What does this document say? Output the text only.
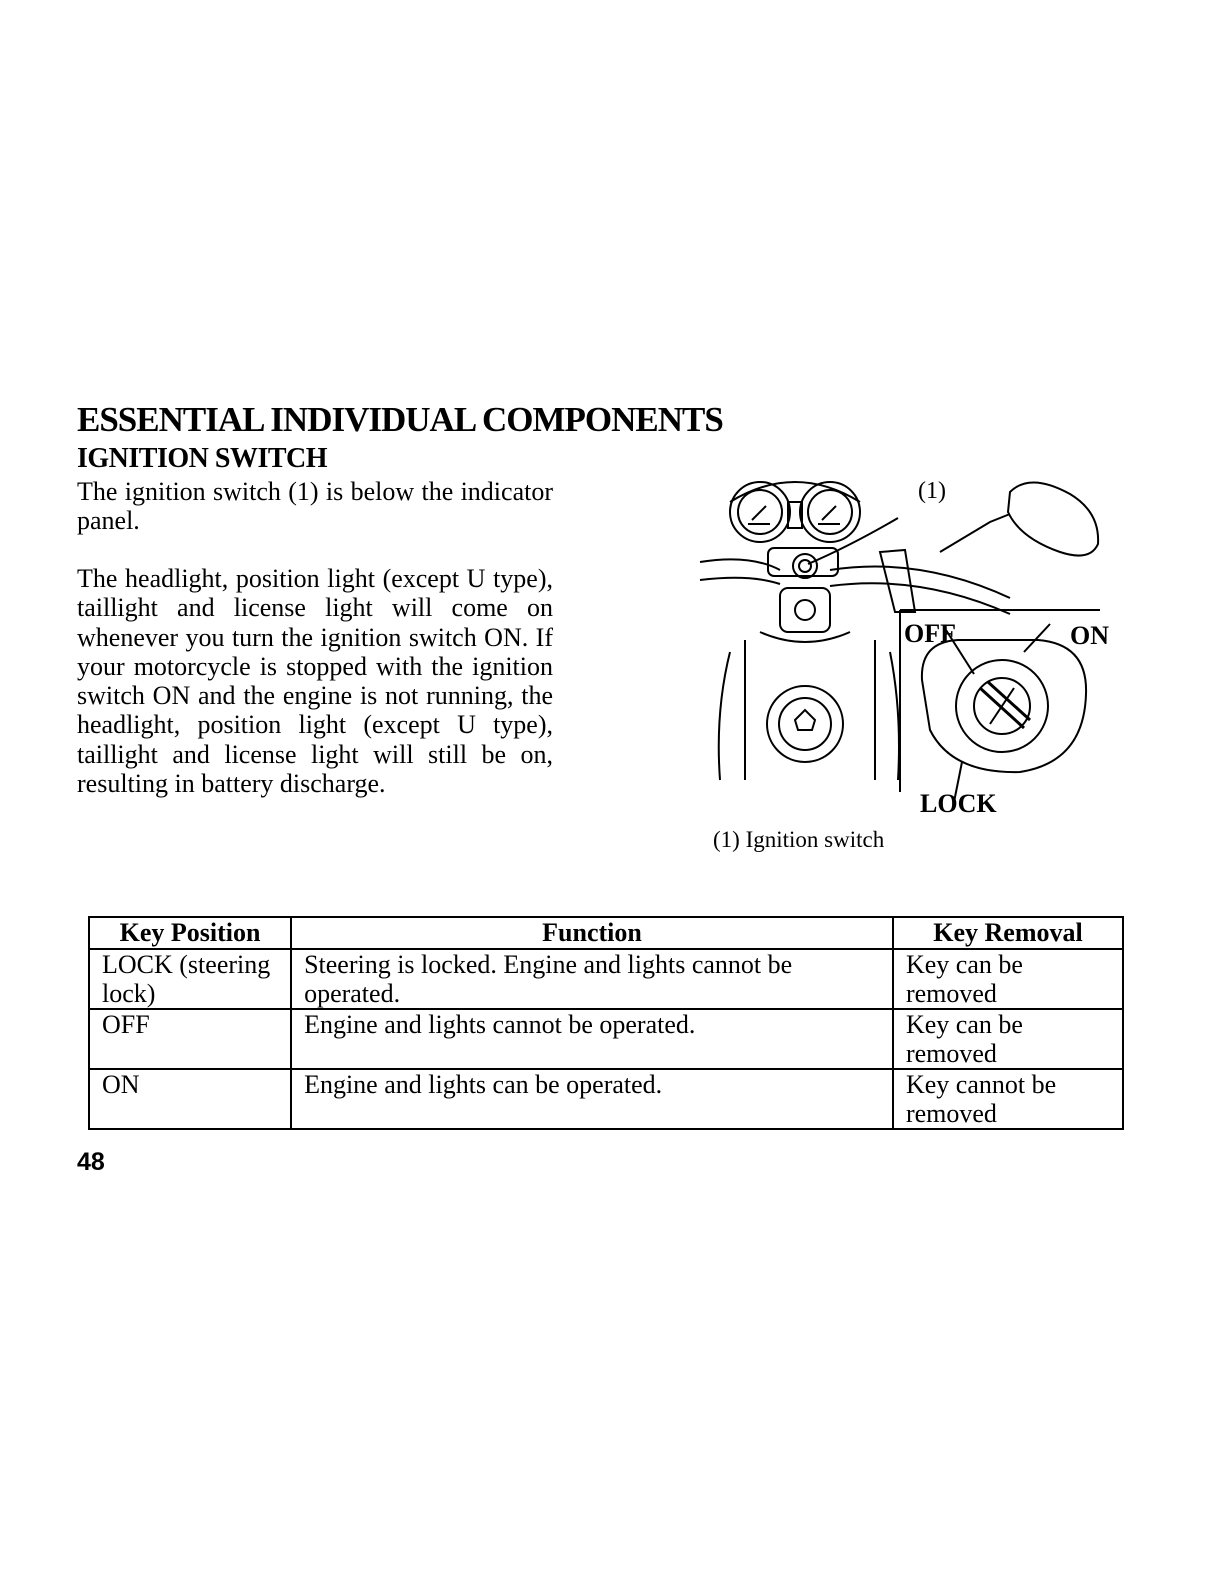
ESSENTIAL INDIVIDUAL COMPONENTS
IGNITION SWITCH

The ignition switch (1) is below the indicator panel.

The headlight, position light (except U type), taillight and license light will come on whenever you turn the ignition switch ON. If your motorcycle is stopped with the ignition switch ON and the engine is not running, the headlight, position light (except U type), taillight and license light will still be on, resulting in battery discharge.

(1)
OFF	ON
LOCK

(1) Ignition switch

Key Position	Function	Key Removal
LOCK (steering lock)	Steering is locked. Engine and lights cannot be operated.	Key can be removed
OFF	Engine and lights cannot be operated.	Key can be removed
ON	Engine and lights can be operated.	Key cannot be removed

48
